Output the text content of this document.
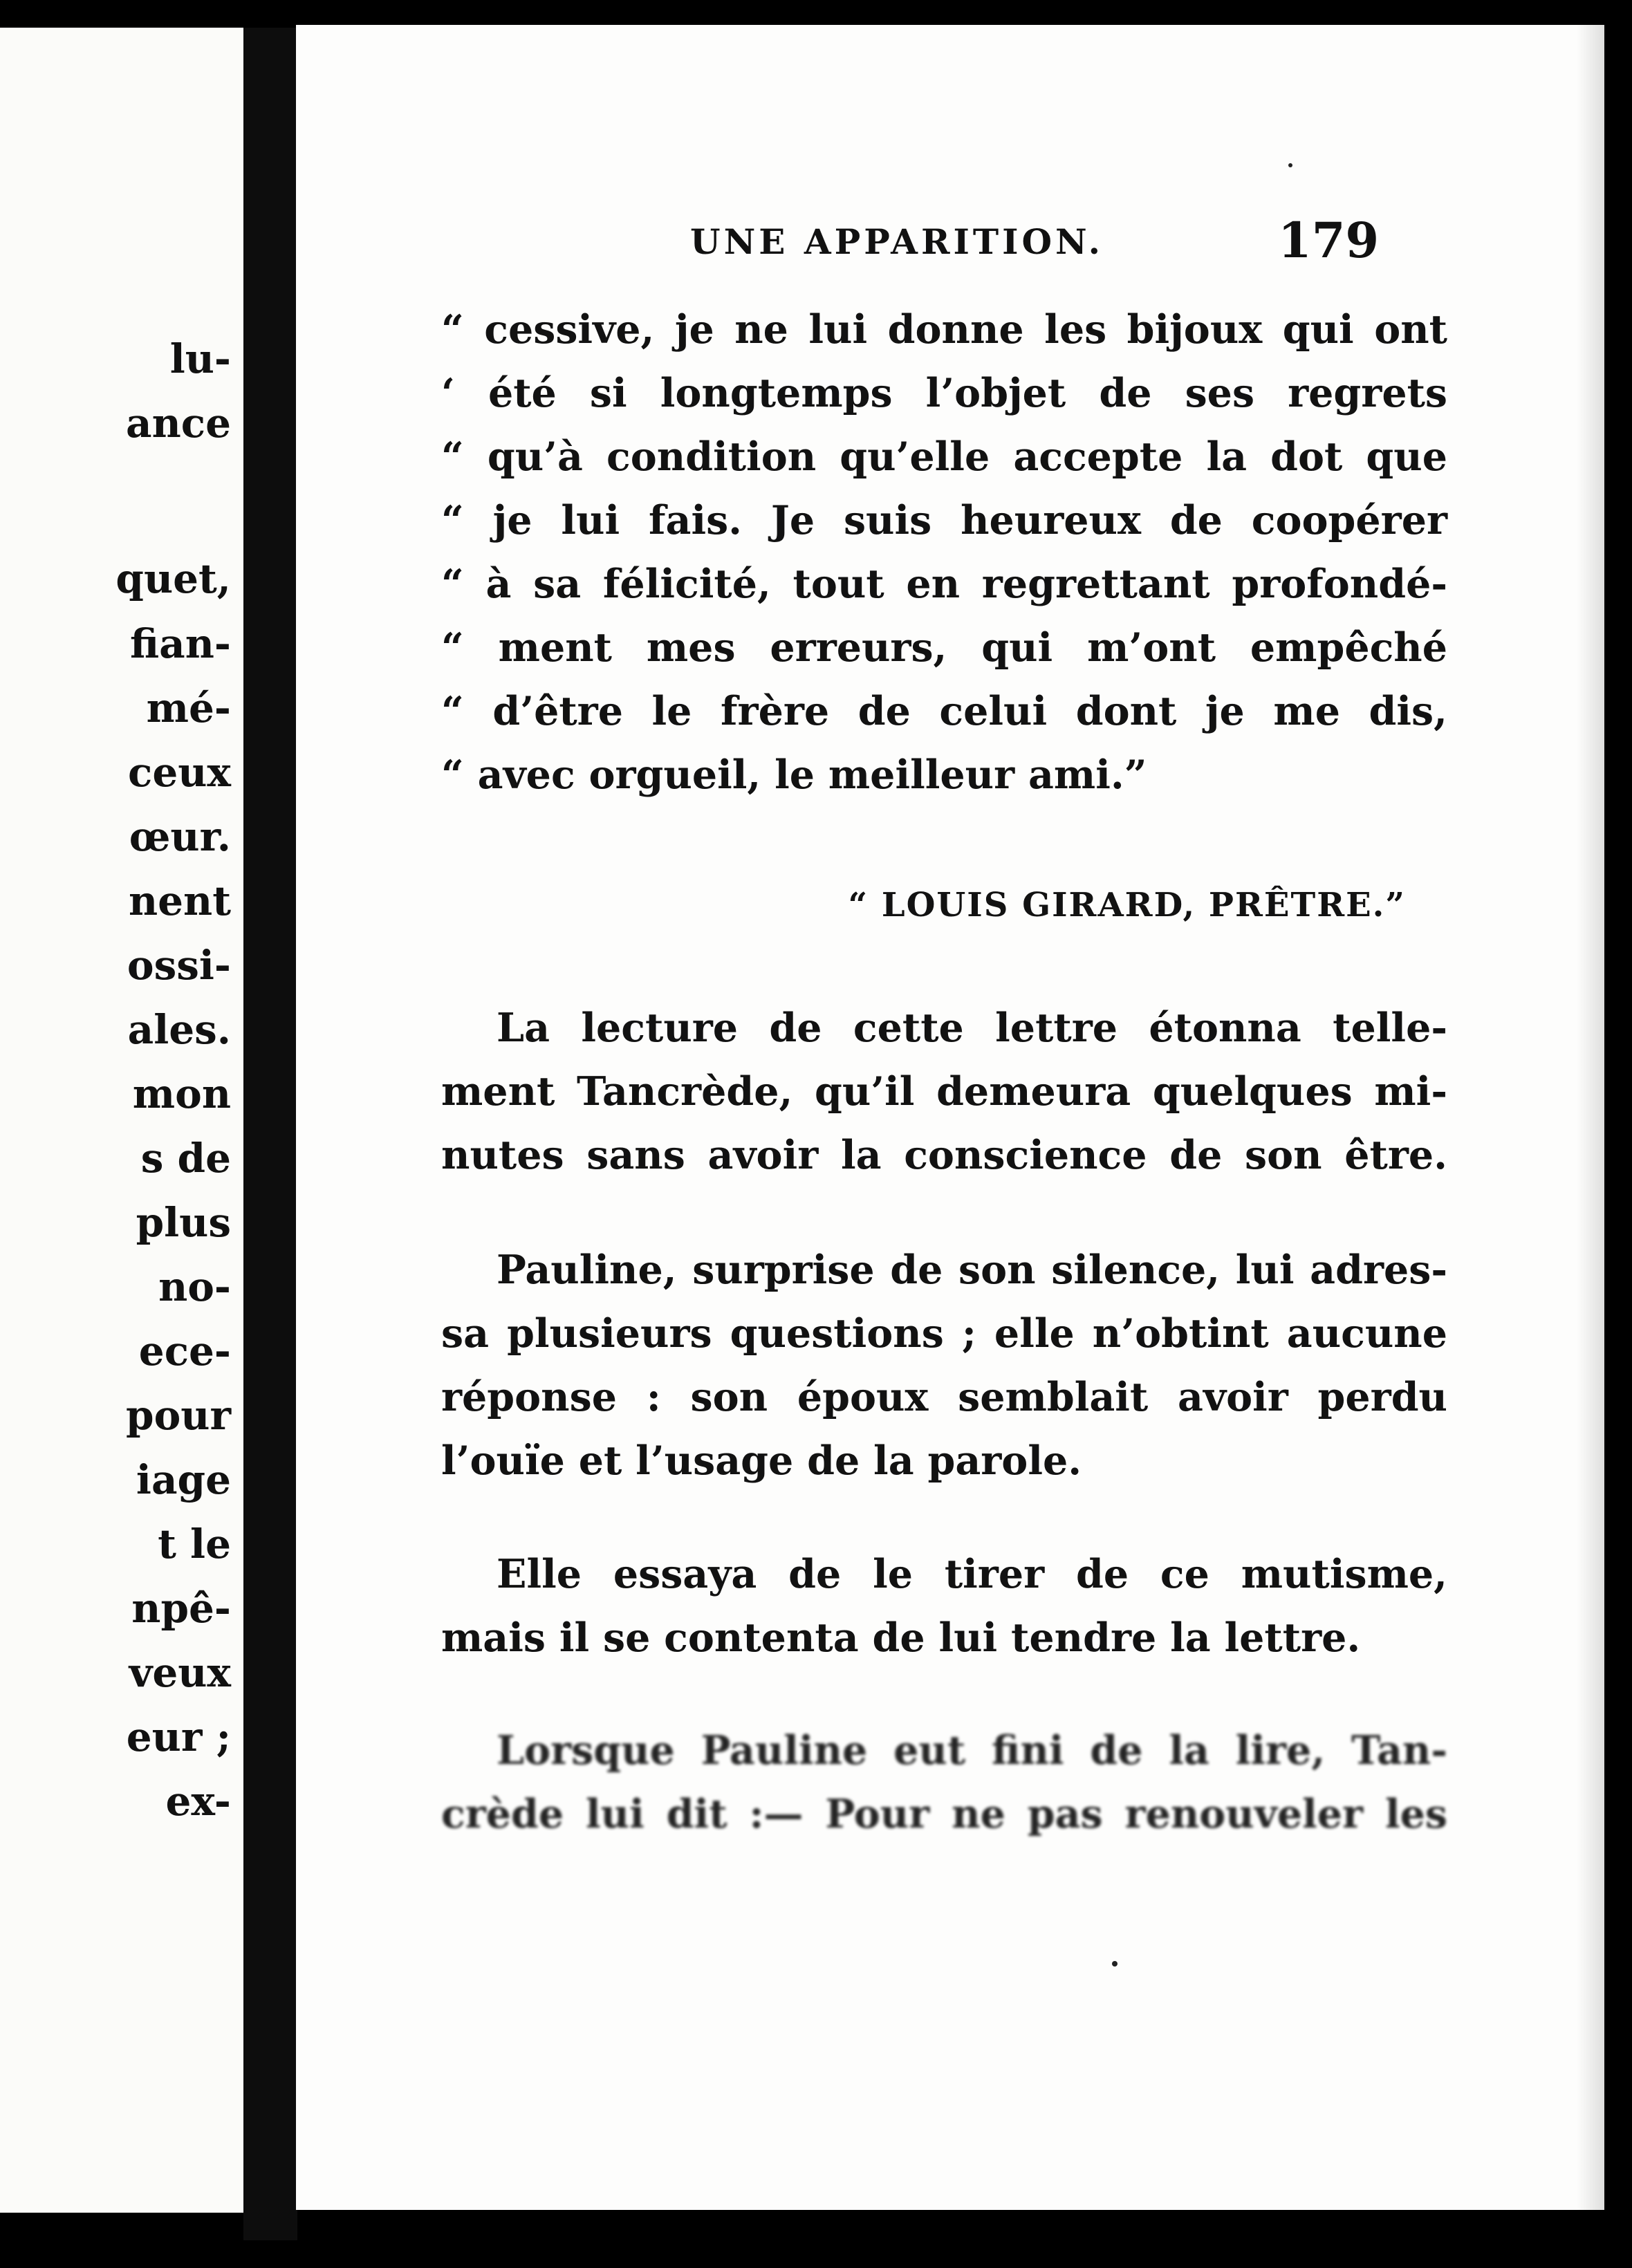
lu-
ance
quet,
fian-
mé-
ceux
œur.
nent
ossi-
ales.
mon
s de
plus
no-
ece-
pour
iage
t le
npê-
veux
eur ;
ex-
UNE APPARITION.	179
“ cessive, je ne lui donne les bijoux qui ont
‘ été si longtemps l’objet de ses regrets
“ qu’à condition qu’elle accepte la dot que
“ je lui fais. Je suis heureux de coopérer
“ à sa félicité, tout en regrettant profondé-
“ ment mes erreurs, qui m’ont empêché
“ d’être le frère de celui dont je me dis,
“ avec orgueil, le meilleur ami.”
“ LOUIS GIRARD, PRÊTRE.”
La lecture de cette lettre étonna telle-
ment Tancrède, qu’il demeura quelques mi-
nutes sans avoir la conscience de son être.
Pauline, surprise de son silence, lui adres-
sa plusieurs questions ; elle n’obtint aucune
réponse : son époux semblait avoir perdu
l’ouïe et l’usage de la parole.
Elle essaya de le tirer de ce mutisme,
mais il se contenta de lui tendre la lettre.
Lorsque Pauline eut fini de la lire, Tan-
crède lui dit :— Pour ne pas renouveler les
